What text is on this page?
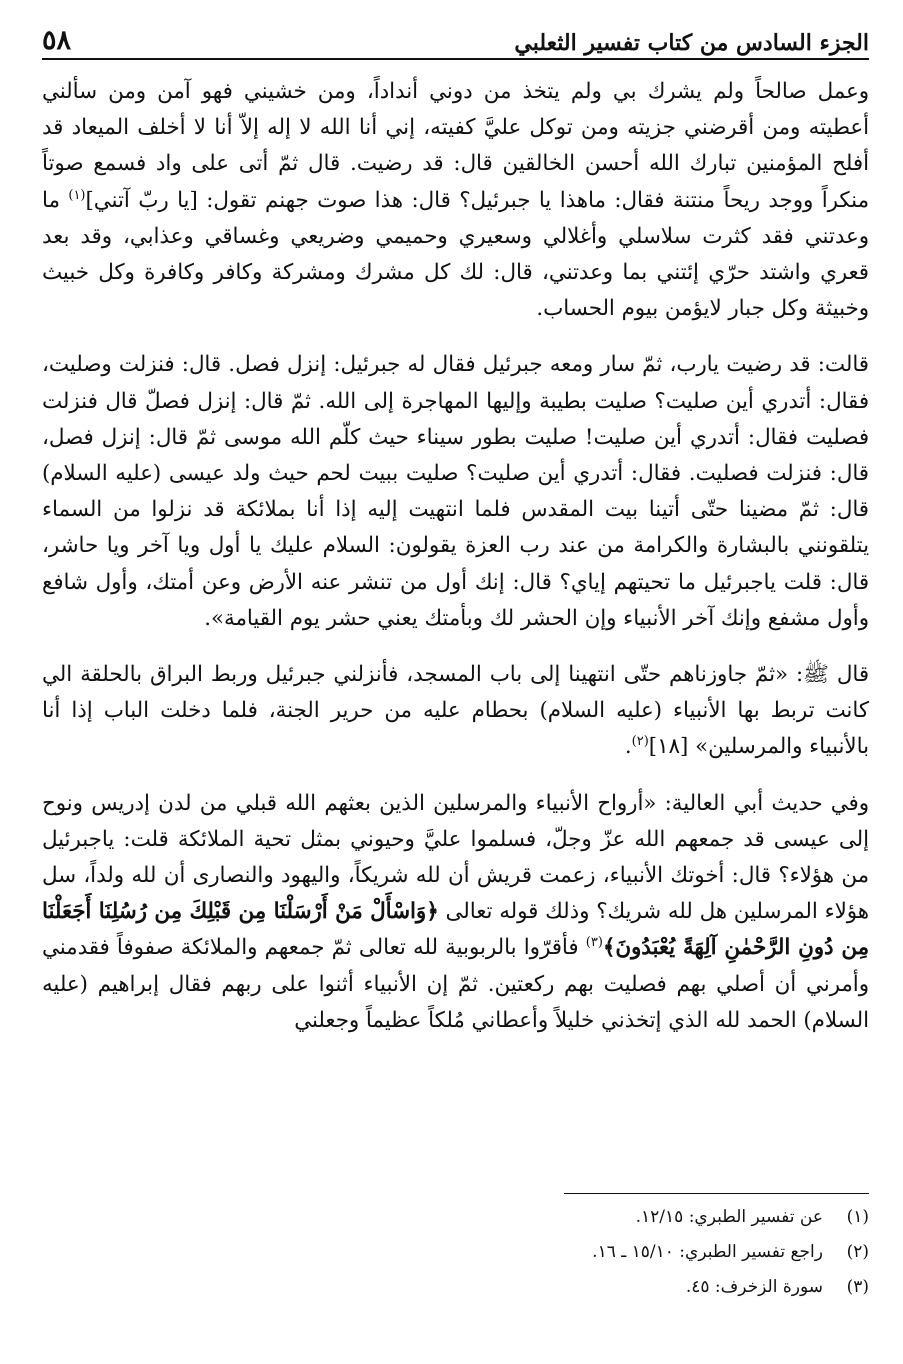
الجزء السادس من كتاب تفسير الثعلبي
٥٨

وعمل صالحاً ولم يشرك بي ولم يتخذ من دوني أنداداً، ومن خشيني فهو آمن ومن سألني أعطيته ومن أقرضني جزيته ومن توكل عليَّ كفيته، إني أنا الله لا إله إلاّ أنا لا أخلف الميعاد قد أفلح المؤمنين تبارك الله أحسن الخالقين قال: قد رضيت. قال ثمّ أتى على واد فسمع صوتاً منكراً ووجد ريحاً منتنة فقال: ماهذا يا جبرئيل؟ قال: هذا صوت جهنم تقول: [يا ربّ آتني]$^{(١)}$ ما وعدتني فقد كثرت سلاسلي وأغلالي وسعيري وحميمي وضريعي وغساقي وعذابي، وقد بعد قعري واشتد حرّي إئتني بما وعدتني، قال: لك كل مشرك ومشركة وكافر وكافرة وكل خبيث وخبيثة وكل جبار لايؤمن بيوم الحساب.

قالت: قد رضيت يارب، ثمّ سار ومعه جبرئيل فقال له جبرئيل: إنزل فصل. قال: فنزلت وصليت، فقال: أتدري أين صليت؟ صليت بطيبة وإليها المهاجرة إلى الله. ثمّ قال: إنزل فصلّ قال فنزلت فصليت فقال: أتدري أين صليت! صليت بطور سيناء حيث كلّم الله موسى ثمّ قال: إنزل فصل، قال: فنزلت فصليت. فقال: أتدري أين صليت؟ صليت ببيت لحم حيث ولد عيسى (عليه السلام) قال: ثمّ مضينا حتّى أتينا بيت المقدس فلما انتهيت إليه إذا أنا بملائكة قد نزلوا من السماء يتلقونني بالبشارة والكرامة من عند رب العزة يقولون: السلام عليك يا أول ويا آخر ويا حاشر، قال: قلت ياجبرئيل ما تحيتهم إياي؟ قال: إنك أول من تنشر عنه الأرض وعن أمتك، وأول شافع وأول مشفع وإنك آخر الأنبياء وإن الحشر لك وبأمتك يعني حشر يوم القيامة».

قال ﷺ: «ثمّ جاوزناهم حتّى انتهينا إلى باب المسجد، فأنزلني جبرئيل وربط البراق بالحلقة الي كانت تربط بها الأنبياء (عليه السلام) بحطام عليه من حرير الجنة، فلما دخلت الباب إذا أنا بالأنبياء والمرسلين» [١٨]$^{(٢)}$.

وفي حديث أبي العالية: «أرواح الأنبياء والمرسلين الذين بعثهم الله قبلي من لدن إدريس ونوح إلى عيسى قد جمعهم الله عزّ وجلّ، فسلموا عليَّ وحيوني بمثل تحية الملائكة قلت: ياجبرئيل من هؤلاء؟ قال: أخوتك الأنبياء، زعمت قريش أن لله شريكاً، واليهود والنصارى أن لله ولداً، سل هؤلاء المرسلين هل لله شريك؟ وذلك قوله تعالى ﴿وَاسْأَلْ مَنْ أَرْسَلْنَا مِن قَبْلِكَ مِن رُسُلِنَا أَجَعَلْنَا مِن دُونِ الرَّحْمٰنِ آلِهَةً يُعْبَدُونَ﴾$^{(٣)}$ فأقرّوا بالربوبية لله تعالى ثمّ جمعهم والملائكة صفوفاً فقدمني وأمرني أن أصلي بهم فصليت بهم ركعتين. ثمّ إن الأنبياء أثنوا على ربهم فقال إبراهيم (عليه السلام) الحمد لله الذي إتخذني خليلاً وأعطاني مُلكاً عظيماً وجعلني

(١)
عن تفسير الطبري: ١٢/١٥.
(٢)
راجع تفسير الطبري: ١٥/١٠ ـ ١٦.
(٣)
سورة الزخرف: ٤٥.
